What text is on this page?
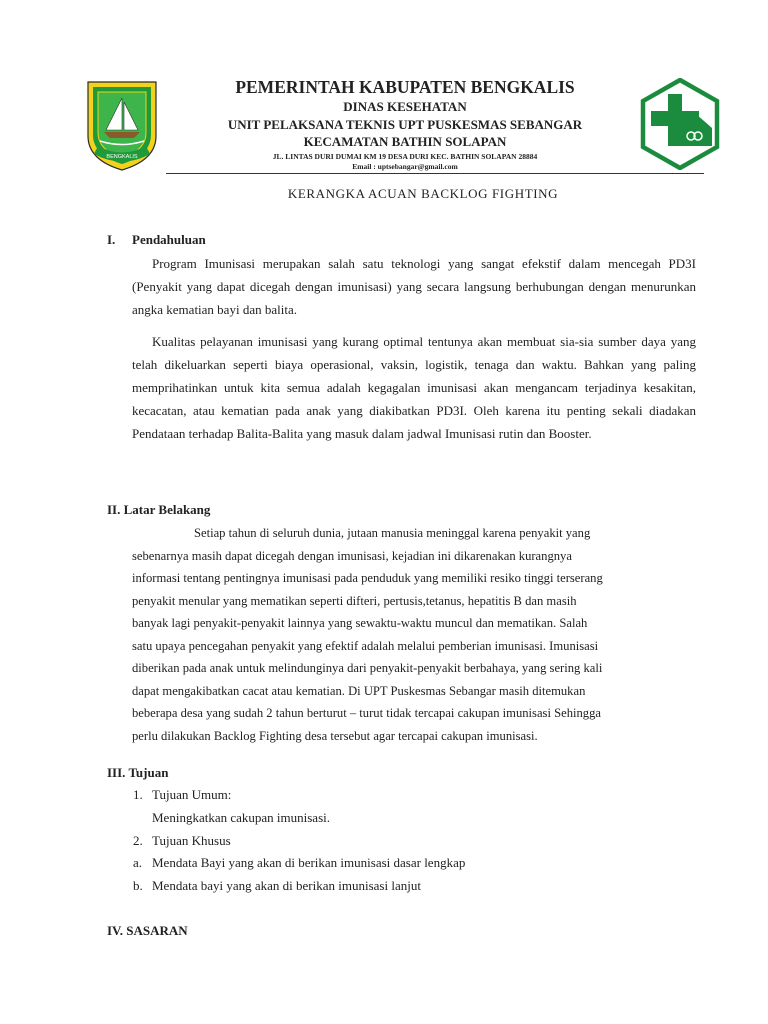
BENGKALIS
PEMERINTAH KABUPATEN BENGKALIS
DINAS KESEHATAN
UNIT PELAKSANA TEKNIS UPT PUSKESMAS SEBANGAR
KECAMATAN BATHIN SOLAPAN
JL. LINTAS DURI DUMAI KM 19 DESA DURI KEC. BATHIN SOLAPAN 28884
Email : uptsebangar@gmail.com
KERANGKA ACUAN BACKLOG FIGHTING
I. Pendahuluan

Program Imunisasi merupakan salah satu teknologi yang sangat efekstif dalam mencegah PD3I (Penyakit yang dapat dicegah dengan imunisasi) yang secara langsung berhubungan dengan menurunkan angka kematian bayi dan balita.

Kualitas pelayanan imunisasi yang kurang optimal tentunya akan membuat sia-sia sumber daya yang telah dikeluarkan seperti biaya operasional, vaksin, logistik, tenaga dan waktu. Bahkan yang paling memprihatinkan untuk kita semua adalah kegagalan imunisasi akan mengancam terjadinya kesakitan, kecacatan, atau kematian pada anak yang diakibatkan PD3I. Oleh karena itu penting sekali diadakan Pendataan terhadap Balita-Balita yang masuk dalam jadwal Imunisasi rutin dan Booster.

II. Latar Belakang
Setiap tahun di seluruh dunia, jutaan manusia meninggal karena penyakit yang
sebenarnya masih dapat dicegah dengan imunisasi, kejadian ini dikarenakan kurangnya
informasi tentang pentingnya imunisasi pada penduduk yang memiliki resiko tinggi terserang
penyakit menular yang mematikan seperti difteri, pertusis,tetanus, hepatitis B dan masih
banyak lagi penyakit-penyakit lainnya yang sewaktu-waktu muncul dan mematikan. Salah
satu upaya pencegahan penyakit yang efektif adalah melalui pemberian imunisasi. Imunisasi
diberikan pada anak untuk melindunginya dari penyakit-penyakit berbahaya, yang sering kali
dapat mengakibatkan cacat atau kematian. Di UPT Puskesmas Sebangar masih ditemukan
beberapa desa yang sudah 2 tahun berturut – turut tidak tercapai cakupan imunisasi Sehingga
perlu dilakukan Backlog Fighting desa tersebut agar tercapai cakupan imunisasi.
III. Tujuan
1. Tujuan Umum:
Meningkatkan cakupan imunisasi.
2. Tujuan Khusus
a. Mendata Bayi yang akan di berikan imunisasi dasar lengkap
b. Mendata bayi yang akan di berikan imunisasi lanjut
IV. SASARAN
